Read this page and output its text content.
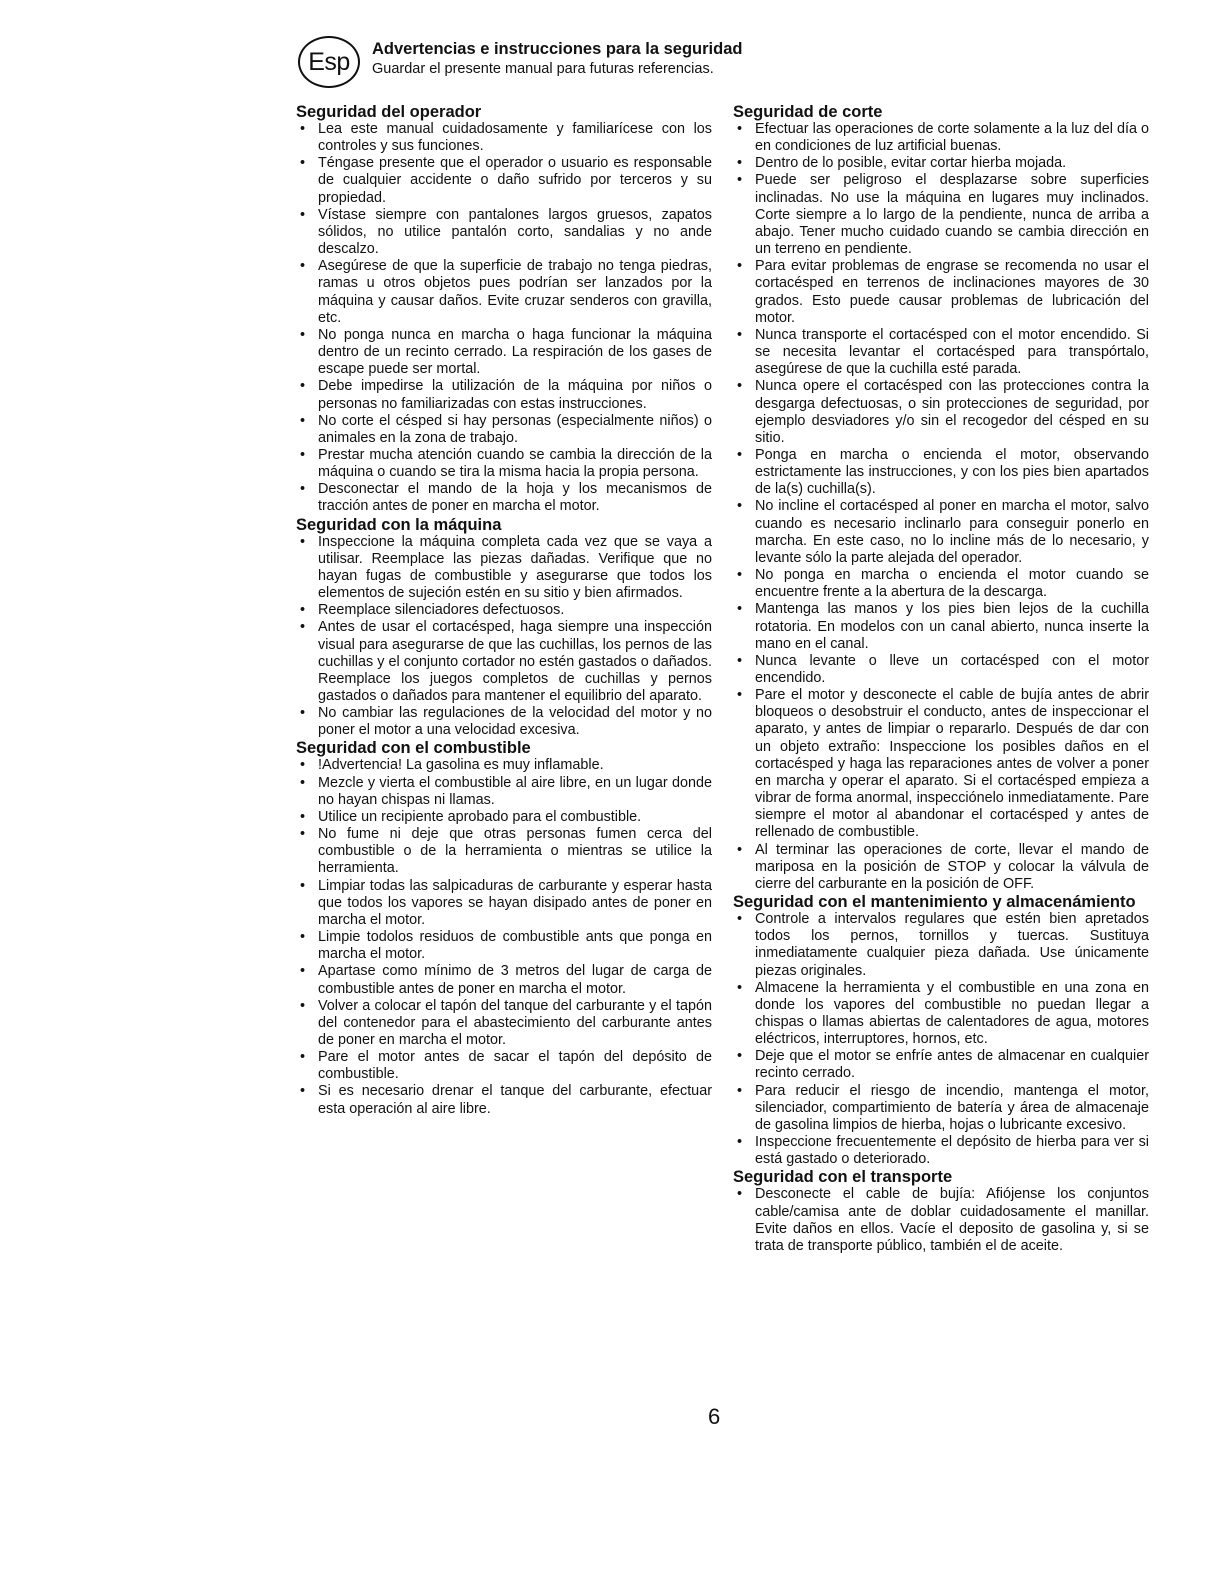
Esp Advertencias e instrucciones para la seguridad
Guardar el presente manual para futuras referencias.
Seguridad del operador
• Lea este manual cuidadosamente y familiarícese con los controles y sus funciones.
• Téngase presente que el operador o usuario es responsable de cualquier accidente o daño sufrido por terceros y su propiedad.
• Vístase siempre con pantalones largos gruesos, zapatos sólidos, no utilice pantalón corto, sandalias y no ande descalzo.
• Asegúrese de que la superficie de trabajo no tenga piedras, ramas u otros objetos pues podrían ser lanzados por la máquina y causar daños. Evite cruzar senderos con gravilla, etc.
• No ponga nunca en marcha o haga funcionar la máquina dentro de un recinto cerrado. La respiración de los gases de escape puede ser mortal.
• Debe impedirse la utilización de la máquina por niños o personas no familiarizadas con estas instrucciones.
• No corte el césped si hay personas (especialmente niños) o animales en la zona de trabajo.
• Prestar mucha atención cuando se cambia la dirección de la máquina o cuando se tira la misma hacia la propia persona.
• Desconectar el mando de la hoja y los mecanismos de tracción antes de poner en marcha el motor.
Seguridad con la máquina
• Inspeccione la máquina completa cada vez que se vaya a utilisar. Reemplace las piezas dañadas. Verifique que no hayan fugas de combustible y asegurarse que todos los elementos de sujeción estén en su sitio y bien afirmados.
• Reemplace silenciadores defectuosos.
• Antes de usar el cortacésped, haga siempre una inspección visual para asegurarse de que las cuchillas, los pernos de las cuchillas y el conjunto cortador no estén gastados o dañados. Reemplace los juegos completos de cuchillas y pernos gastados o dañados para mantener el equilibrio del aparato.
• No cambiar las regulaciones de la velocidad del motor y no poner el motor a una velocidad excesiva.
Seguridad con el combustible
• !Advertencia! La gasolina es muy inflamable.
• Mezcle y vierta el combustible al aire libre, en un lugar donde no hayan chispas ni llamas.
• Utilice un recipiente aprobado para el combustible.
• No fume ni deje que otras personas fumen cerca del combustible o de la herramienta o mientras se utilice la herramienta.
• Limpiar todas las salpicaduras de carburante y esperar hasta que todos los vapores se hayan disipado antes de poner en marcha el motor.
• Limpie todolos residuos de combustible ants que ponga en marcha el motor.
• Apartase como mínimo de 3 metros del lugar de carga de combustible antes de poner en marcha el motor.
• Volver a colocar el tapón del tanque del carburante y el tapón del contenedor para el abastecimiento del carburante antes de poner en marcha el motor.
• Pare el motor antes de sacar el tapón del depósito de combustible.
• Si es necesario drenar el tanque del carburante, efectuar esta operación al aire libre.
Seguridad de corte
• Efectuar las operaciones de corte solamente a la luz del día o en condiciones de luz artificial buenas.
• Dentro de lo posible, evitar cortar hierba mojada.
• Puede ser peligroso el desplazarse sobre superficies inclinadas. No use la máquina en lugares muy inclinados. Corte siempre a lo largo de la pendiente, nunca de arriba a abajo. Tener mucho cuidado cuando se cambia dirección en un terreno en pendiente.
• Para evitar problemas de engrase se recomenda no usar el cortacésped en terrenos de inclinaciones mayores de 30 grados. Esto puede causar problemas de lubricación del motor.
• Nunca transporte el cortacésped con el motor encendido. Si se necesita levantar el cortacésped para transpórtalo, asegúrese de que la cuchilla esté parada.
• Nunca opere el cortacésped con las protecciones contra la desgarga defectuosas, o sin protecciones de seguridad, por ejemplo desviadores y/o sin el recogedor del césped en su sitio.
• Ponga en marcha o encienda el motor, observando estrictamente las instrucciones, y con los pies bien apartados de la(s) cuchilla(s).
• No incline el cortacésped al poner en marcha el motor, salvo cuando es necesario inclinarlo para conseguir ponerlo en marcha. En este caso, no lo incline más de lo necesario, y levante sólo la parte alejada del operador.
• No ponga en marcha o encienda el motor cuando se encuentre frente a la abertura de la descarga.
• Mantenga las manos y los pies bien lejos de la cuchilla rotatoria. En modelos con un canal abierto, nunca inserte la mano en el canal.
• Nunca levante o lleve un cortacésped con el motor encendido.
• Pare el motor y desconecte el cable de bujía antes de abrir bloqueos o desobstruir el conducto, antes de inspeccionar el aparato, y antes de limpiar o repararlo. Después de dar con un objeto extraño: Inspeccione los posibles daños en el cortacésped y haga las reparaciones antes de volver a poner en marcha y operar el aparato. Si el cortacésped empieza a vibrar de forma anormal, inspecciónelo inmediatamente. Pare siempre el motor al abandonar el cortacésped y antes de rellenado de combustible.
• Al terminar las operaciones de corte, llevar el mando de mariposa en la posición de STOP y colocar la válvula de cierre del carburante en la posición de OFF.
Seguridad con el mantenimiento y almacenámiento
• Controle a intervalos regulares que estén bien apretados todos los pernos, tornillos y tuercas. Sustituya inmediatamente cualquier pieza dañada. Use únicamente piezas originales.
• Almacene la herramienta y el combustible en una zona en donde los vapores del combustible no puedan llegar a chispas o llamas abiertas de calentadores de agua, motores eléctricos, interruptores, hornos, etc.
• Deje que el motor se enfríe antes de almacenar en cualquier recinto cerrado.
• Para reducir el riesgo de incendio, mantenga el motor, silenciador, compartimiento de batería y área de almacenaje de gasolina limpios de hierba, hojas o lubricante excesivo.
• Inspeccione frecuentemente el depósito de hierba para ver si está gastado o deteriorado.
Seguridad con el transporte
• Desconecte el cable de bujía: Afiójense los conjuntos cable/camisa ante de doblar cuidadosamente el manillar. Evite daños en ellos. Vacíe el deposito de gasolina y, si se trata de transporte público, también el de aceite.
6
